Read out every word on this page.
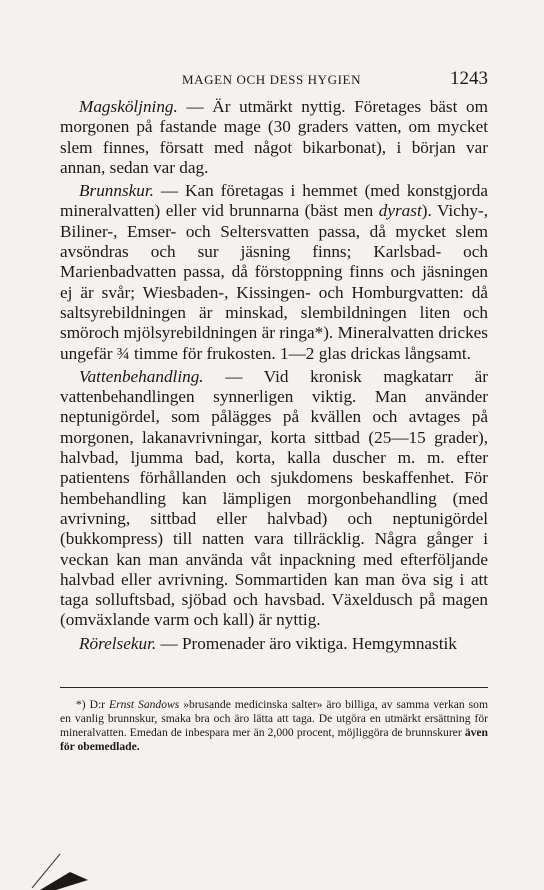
MAGEN OCH DESS HYGIEN	1243

Magsköljning. — Är utmärkt nyttig. Företages bäst om morgonen på fastande mage (30 graders vatten, om mycket slem finnes, försatt med något bikarbonat), i början var annan, sedan var dag.

Brunnskur. — Kan företagas i hemmet (med konstgjorda mineralvatten) eller vid brunnarna (bäst men dyrast). Vichy-, Biliner-, Emser- och Seltersvatten passa, då mycket slem avsöndras och sur jäsning finns; Karlsbad- och Marienbadvatten passa, då förstoppning finns och jäsningen ej är svår; Wiesbaden-, Kissingen- och Homburgvatten: då saltsyrebildningen är minskad, slembildningen liten och smöroch mjölsyrebildningen är ringa*). Mineralvatten drickes ungefär ¾ timme för frukosten. 1—2 glas drickas långsamt.

Vattenbehandling. — Vid kronisk magkatarr är vattenbehandlingen synnerligen viktig. Man använder neptunigördel, som pålägges på kvällen och avtages på morgonen, lakanavrivningar, korta sittbad (25—15 grader), halvbad, ljumma bad, korta, kalla duscher m. m. efter patientens förhållanden och sjukdomens beskaffenhet. För hembehandling kan lämpligen morgonbehandling (med avrivning, sittbad eller halvbad) och neptunigördel (bukkompress) till natten vara tillräcklig. Några gånger i veckan kan man använda våt inpackning med efterföljande halvbad eller avrivning. Sommartiden kan man öva sig i att taga solluftsbad, sjöbad och havsbad. Växeldusch på magen (omväxlande varm och kall) är nyttig.

Rörelsekur. — Promenader äro viktiga. Hemgymnastik

*) D:r Ernst Sandows »brusande medicinska salter» äro billiga, av samma verkan som en vanlig brunnskur, smaka bra och äro lätta att taga. De utgöra en utmärkt ersättning för mineralvatten. Emedan de inbespara mer än 2,000 procent, möjliggöra de brunnskurer även för obemedlade.
